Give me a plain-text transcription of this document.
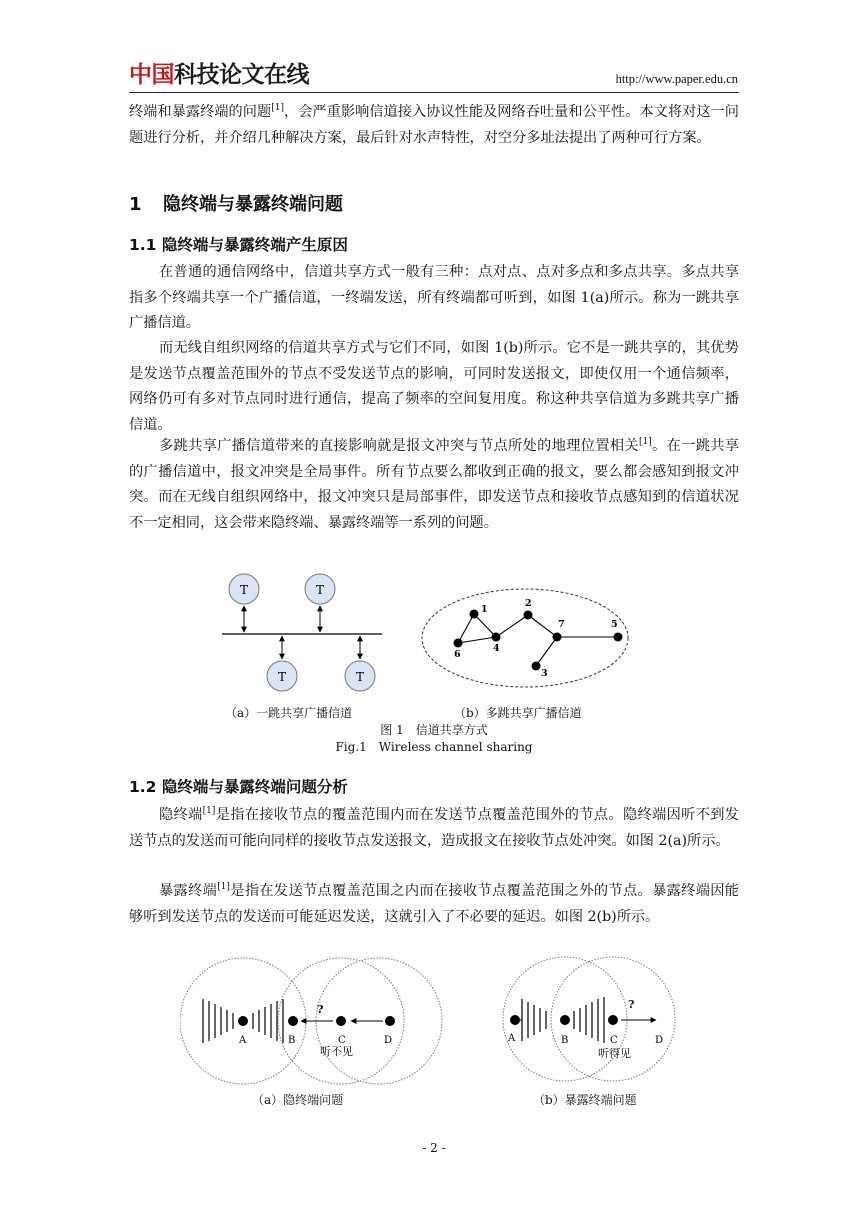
中国科技论文在线	http://www.paper.edu.cn
终端和暴露终端的问题[1]，会严重影响信道接入协议性能及网络吞吐量和公平性。本文将对这一问题进行分析，并介绍几种解决方案，最后针对水声特性，对空分多址法提出了两种可行方案。
1 隐终端与暴露终端问题
1.1 隐终端与暴露终端产生原因
在普通的通信网络中，信道共享方式一般有三种：点对点、点对多点和多点共享。多点共享指多个终端共享一个广播信道，一终端发送，所有终端都可听到，如图 1(a)所示。称为一跳共享广播信道。
而无线自组织网络的信道共享方式与它们不同，如图 1(b)所示。它不是一跳共享的，其优势是发送节点覆盖范围外的节点不受发送节点的影响，可同时发送报文，即使仅用一个通信频率，网络仍可有多对节点同时进行通信，提高了频率的空间复用度。称这种共享信道为多跳共享广播信道。
多跳共享广播信道带来的直接影响就是报文冲突与节点所处的地理位置相关[1]。在一跳共享的广播信道中，报文冲突是全局事件。所有节点要么都收到正确的报文，要么都会感知到报文冲突。而在无线自组织网络中，报文冲突只是局部事件，即发送节点和接收节点感知到的信道状况不一定相同，这会带来隐终端、暴露终端等一系列的问题。
T	T
T	T
1
2
7	5
6
4
3
（a）一跳共享广播信道	（b）多跳共享广播信道
图 1　信道共享方式
Fig.1　Wireless channel sharing
1.2 隐终端与暴露终端问题分析
隐终端[1]是指在接收节点的覆盖范围内而在发送节点覆盖范围外的节点。隐终端因听不到发送节点的发送而可能向同样的接收节点发送报文，造成报文在接收节点处冲突。如图 2(a)所示。
暴露终端[1]是指在发送节点覆盖范围之内而在接收节点覆盖范围之外的节点。暴露终端因能够听到发送节点的发送而可能延迟发送，这就引入了不必要的延迟。如图 2(b)所示。
A	B	C	D
?
听不见
（a）隐终端问题
A	B	C	D
?
听得见
（b）暴露终端问题
- 2 -
